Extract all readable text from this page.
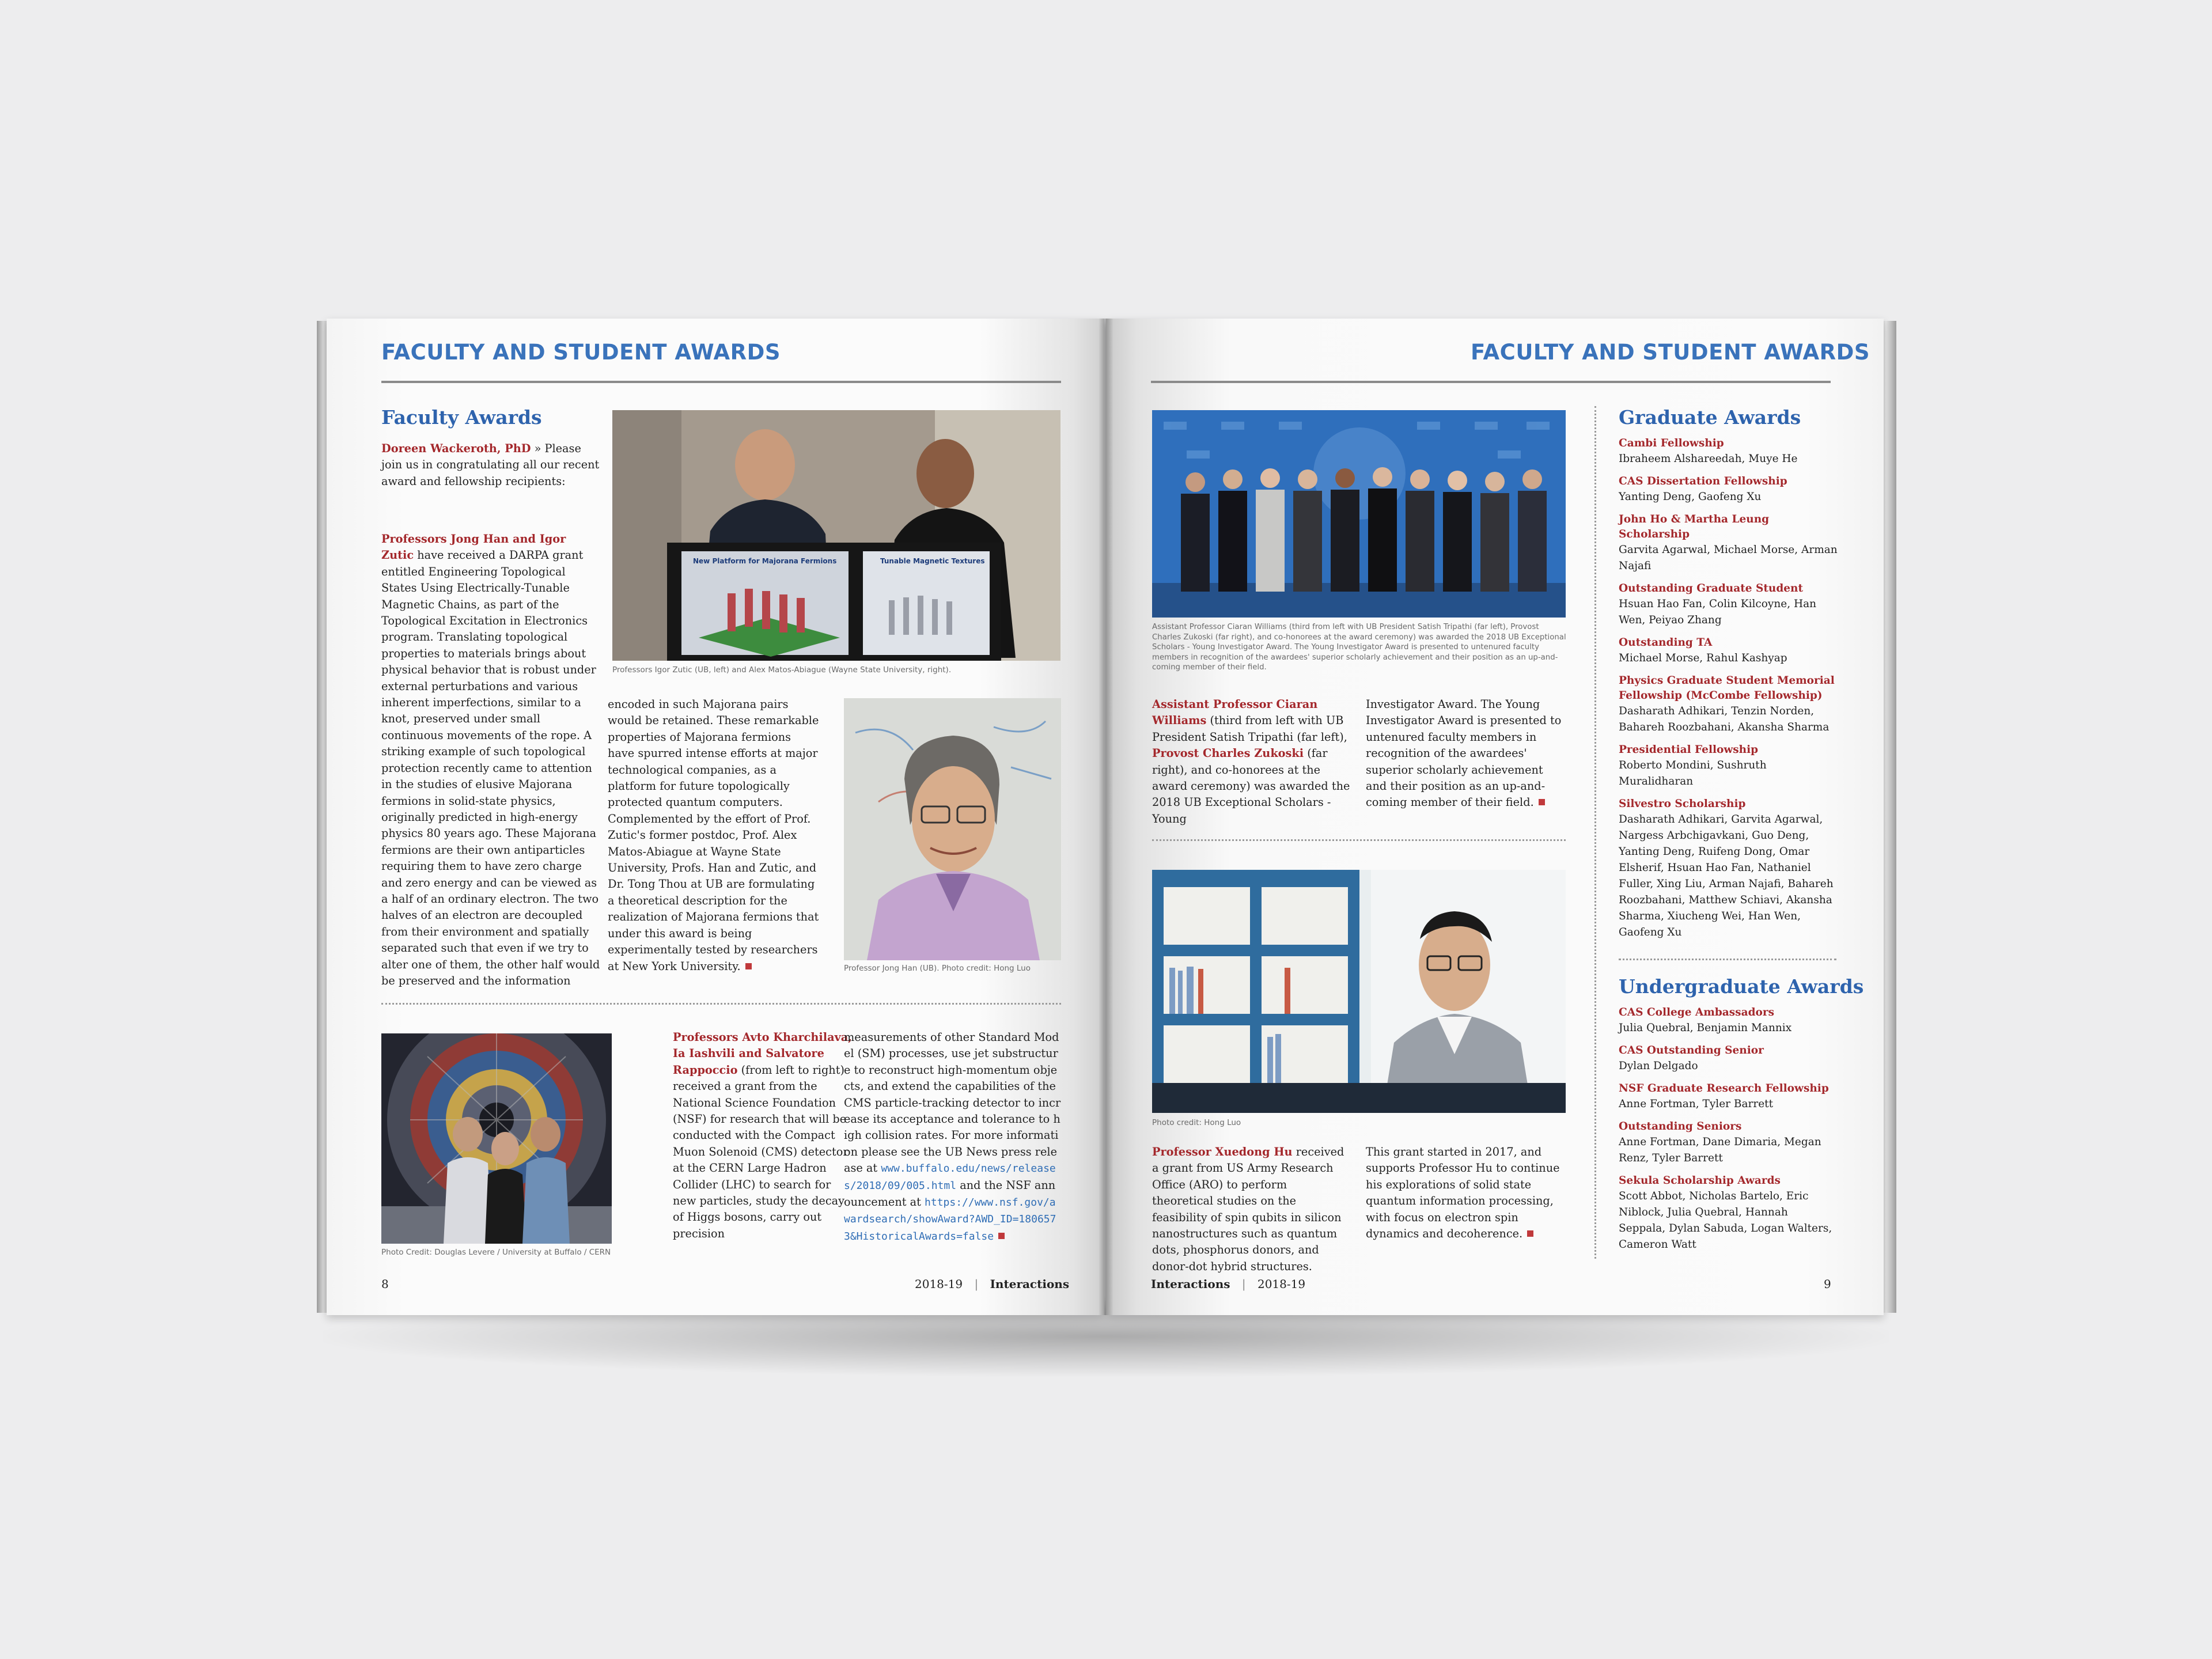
FACULTY AND STUDENT AWARDS
Faculty Awards
Doreen Wackeroth, PhD » Please join us in congratulating all our recent award and fellowship recipients:
Professors Jong Han and Igor Zutic have received a DARPA grant entitled Engineering Topological States Using Electrically-Tunable Magnetic Chains, as part of the Topological Excitation in Electronics program. Translating topological properties to materials brings about physical behavior that is robust under external perturbations and various inherent imperfections, similar to a knot, preserved under small continuous movements of the rope. A striking example of such topological protection recently came to attention in the studies of elusive Majorana fermions in solid-state physics, originally predicted in high-energy physics 80 years ago. These Majorana fermions are their own antiparticles requiring them to have zero charge and zero energy and can be viewed as a half of an ordinary electron. The two halves of an electron are decoupled from their environment and spatially separated such that even if we try to alter one of them, the other half would be preserved and the information
New Platform for Majorana Fermions	Tunable Magnetic Textures
Professors Igor Zutic (UB, left) and Alex Matos-Abiague (Wayne State University, right).
encoded in such Majorana pairs would be retained. These remarkable properties of Majorana fermions have spurred intense efforts at major technological companies, as a platform for future topologically protected quantum computers. Complemented by the effort of Prof. Zutic's former postdoc, Prof. Alex Matos-Abiague at Wayne State University, Profs. Han and Zutic, and Dr. Tong Thou at UB are formulating a theoretical description for the realization of Majorana fermions that under this award is being experimentally tested by researchers at New York University.	Professor Jong Han (UB). Photo credit: Hong Luo
Photo Credit: Douglas Levere / University at Buffalo / CERN
Professors Avto Kharchilava, Ia Iashvili and Salvatore Rappoccio (from left to right) received a grant from the National Science Foundation (NSF) for research that will be conducted with the Compact Muon Solenoid (CMS) detector at the CERN Large Hadron Collider (LHC) to search for new particles, study the decay of Higgs bosons, carry out precision
measurements of other Standard Model (SM) processes, use jet substructure to reconstruct high-momentum objects, and extend the capabilities of the CMS particle-tracking detector to increase its acceptance and tolerance to high collision rates. For more information please see the UB News press release at www.buffalo.edu/news/releases/2018/09/005.html and the NSF announcement at https://www.nsf.gov/awardsearch/showAward?AWD_ID=1806573&HistoricalAwards=false
8	2018-19 | Interactions
FACULTY AND STUDENT AWARDS
Assistant Professor Ciaran Williams (third from left with UB President Satish Tripathi (far left), Provost Charles Zukoski (far right), and co-honorees at the award ceremony) was awarded the 2018 UB Exceptional Scholars - Young Investigator Award. The Young Investigator Award is presented to untenured faculty members in recognition of the awardees' superior scholarly achievement and their position as an up-and-coming member of their field.
Assistant Professor Ciaran Williams (third from left with UB President Satish Tripathi (far left), Provost Charles Zukoski (far right), and co-honorees at the award ceremony) was awarded the 2018 UB Exceptional Scholars - Young
Investigator Award. The Young Investigator Award is presented to untenured faculty members in recognition of the awardees' superior scholarly achievement and their position as an up-and-coming member of their field.
Photo credit: Hong Luo
Professor Xuedong Hu received a grant from US Army Research Office (ARO) to perform theoretical studies on the feasibility of spin qubits in silicon nanostructures such as quantum dots, phosphorus donors, and donor-dot hybrid structures.
This grant started in 2017, and supports Professor Hu to continue his explorations of solid state quantum information processing, with focus on electron spin dynamics and decoherence.
Graduate Awards
Cambi Fellowship
Ibraheem Alshareedah, Muye He
CAS Dissertation Fellowship
Yanting Deng, Gaofeng Xu
John Ho & Martha Leung Scholarship
Garvita Agarwal, Michael Morse, Arman Najafi
Outstanding Graduate Student
Hsuan Hao Fan, Colin Kilcoyne, Han Wen, Peiyao Zhang
Outstanding TA
Michael Morse, Rahul Kashyap
Physics Graduate Student Memorial Fellowship (McCombe Fellowship)
Dasharath Adhikari, Tenzin Norden, Bahareh Roozbahani, Akansha Sharma
Presidential Fellowship
Roberto Mondini, Sushruth Muralidharan
Silvestro Scholarship
Dasharath Adhikari, Garvita Agarwal, Nargess Arbchigavkani, Guo Deng, Yanting Deng, Ruifeng Dong, Omar Elsherif, Hsuan Hao Fan, Nathaniel Fuller, Xing Liu, Arman Najafi, Bahareh Roozbahani, Matthew Schiavi, Akansha Sharma, Xiucheng Wei, Han Wen, Gaofeng Xu
Undergraduate Awards
CAS College Ambassadors
Julia Quebral, Benjamin Mannix
CAS Outstanding Senior
Dylan Delgado
NSF Graduate Research Fellowship
Anne Fortman, Tyler Barrett
Outstanding Seniors
Anne Fortman, Dane Dimaria, Megan Renz, Tyler Barrett
Sekula Scholarship Awards
Scott Abbot, Nicholas Bartelo, Eric Niblock, Julia Quebral, Hannah Seppala, Dylan Sabuda, Logan Walters, Cameron Watt
Interactions | 2018-19	9
